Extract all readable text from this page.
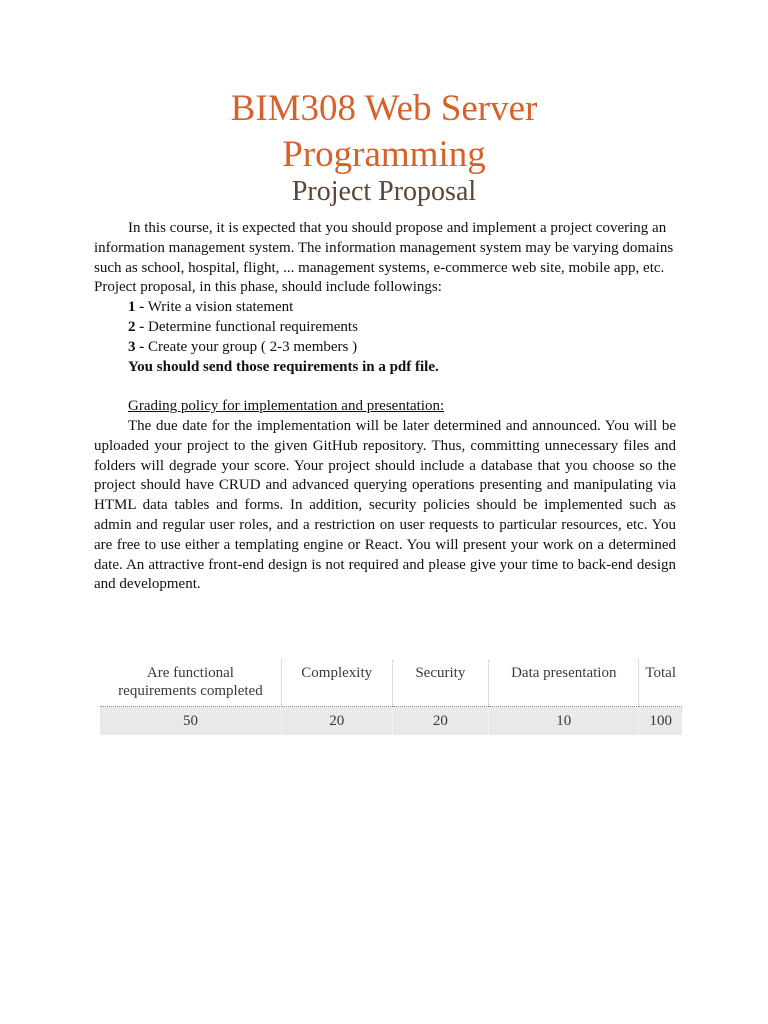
BIM308 Web Server
Programming
Project Proposal

In this course, it is expected that you should propose and implement a project covering an information management system. The information management system may be varying domains such as school, hospital, flight, ... management systems, e-commerce web site, mobile app, etc. Project proposal, in this phase, should include followings:

1 - Write a vision statement

2 - Determine functional requirements

3 - Create your group ( 2-3 members )

You should send those requirements in a pdf file.

Grading policy for implementation and presentation:

The due date for the implementation will be later determined and announced. You will be uploaded your project to the given GitHub repository. Thus, committing unnecessary files and folders will degrade your score. Your project should include a database that you choose so the project should have CRUD and advanced querying operations presenting and manipulating via HTML data tables and forms. In addition, security policies should be implemented such as admin and regular user roles, and a restriction on user requests to particular resources, etc. You are free to use either a templating engine or React. You will present your work on a determined date. An attractive front-end design is not required and please give your time to back-end design and development.

Are functional requirements completed	Complexity	Security	Data presentation	Total
50	20	20	10	100
